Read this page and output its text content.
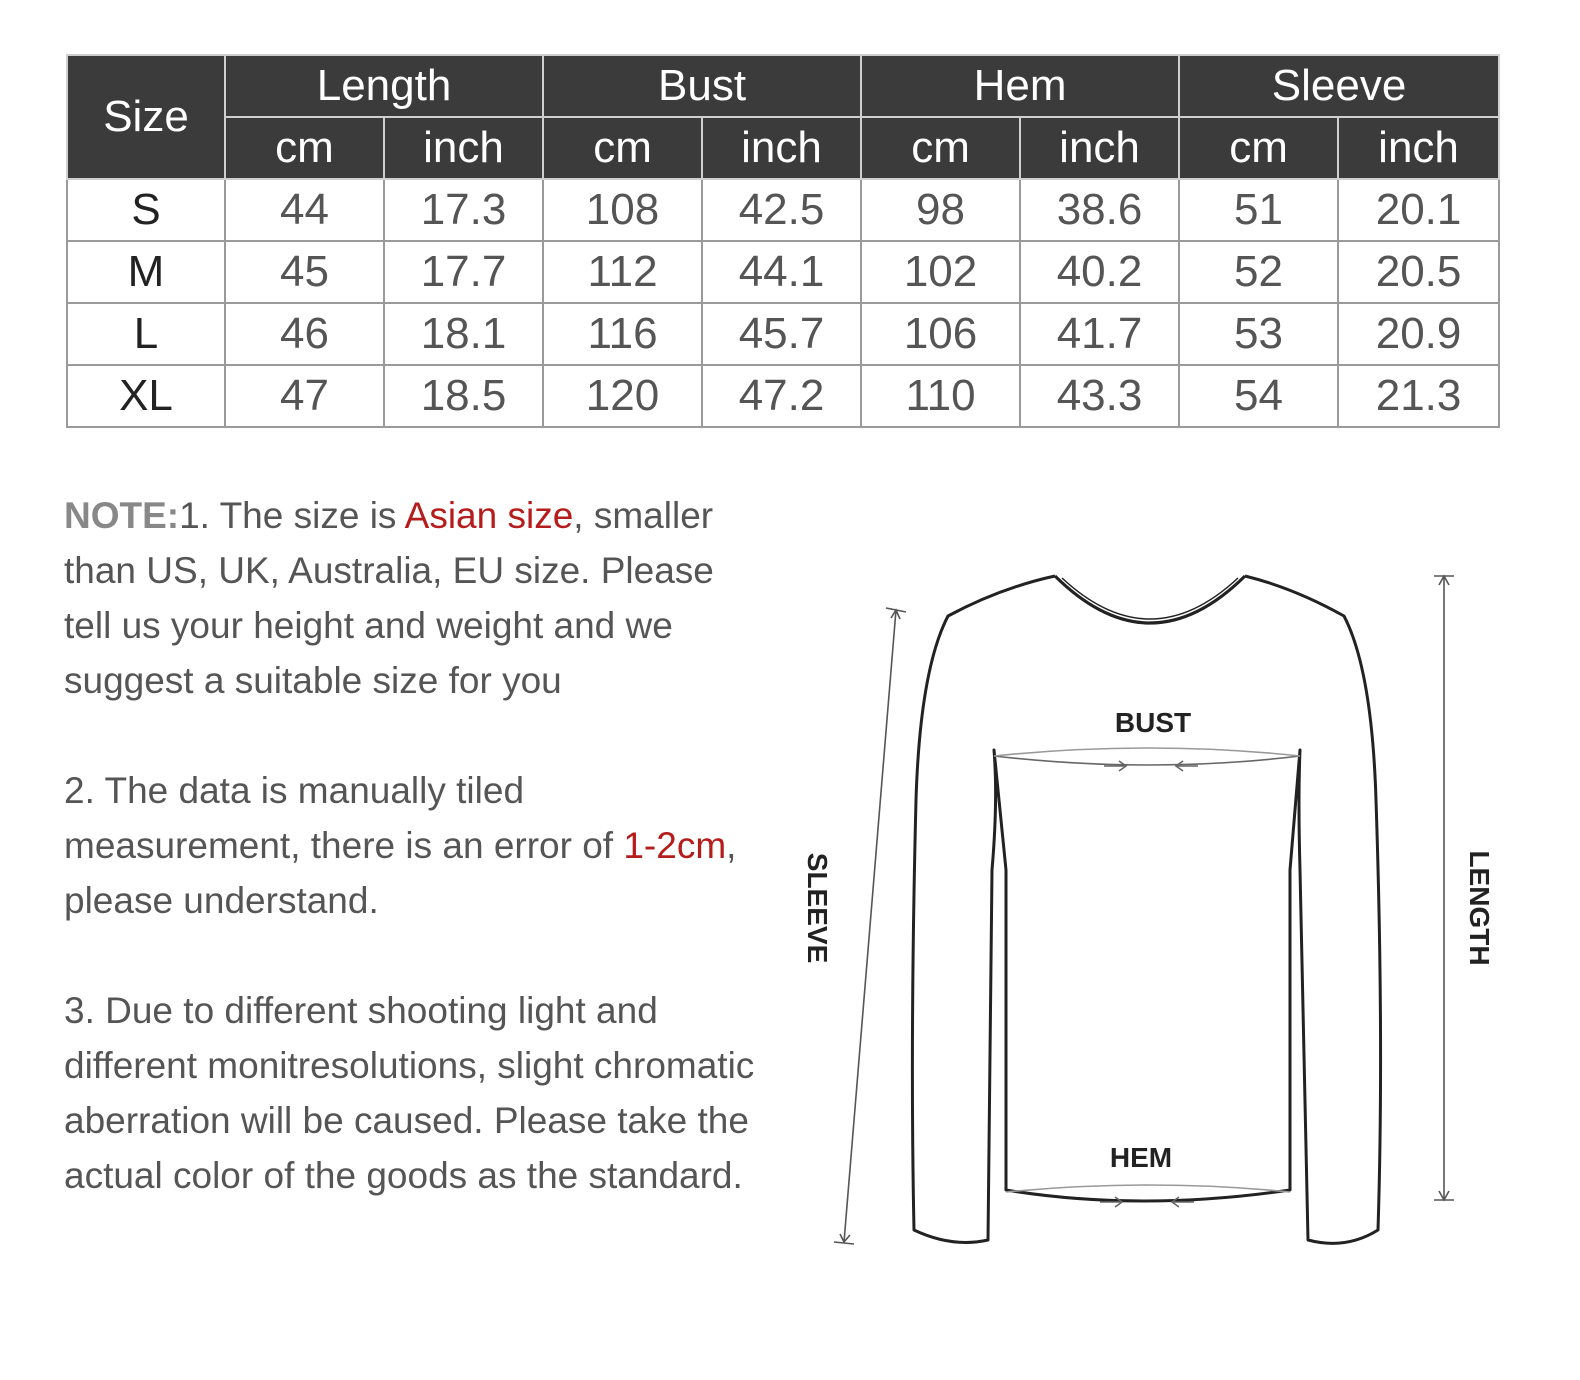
Size	Length		Bust		Hem		Sleeve	
	cm	inch	cm	inch	cm	inch	cm	inch
S	44	17.3	108	42.5	98	38.6	51	20.1
M	45	17.7	112	44.1	102	40.2	52	20.5
L	46	18.1	116	45.7	106	41.7	53	20.9
XL	47	18.5	120	47.2	110	43.3	54	21.3

NOTE:1. The size is Asian size, smaller than US, UK, Australia, EU size. Please tell us your height and weight and we suggest a suitable size for you

2. The data is manually tiled measurement, there is an error of 1-2cm, please understand.

3. Due to different shooting light and different monitresolutions, slight chromatic aberration will be caused. Please take the actual color of the goods as the standard.

BUST
HEM
SLEEVE	LENGTH
